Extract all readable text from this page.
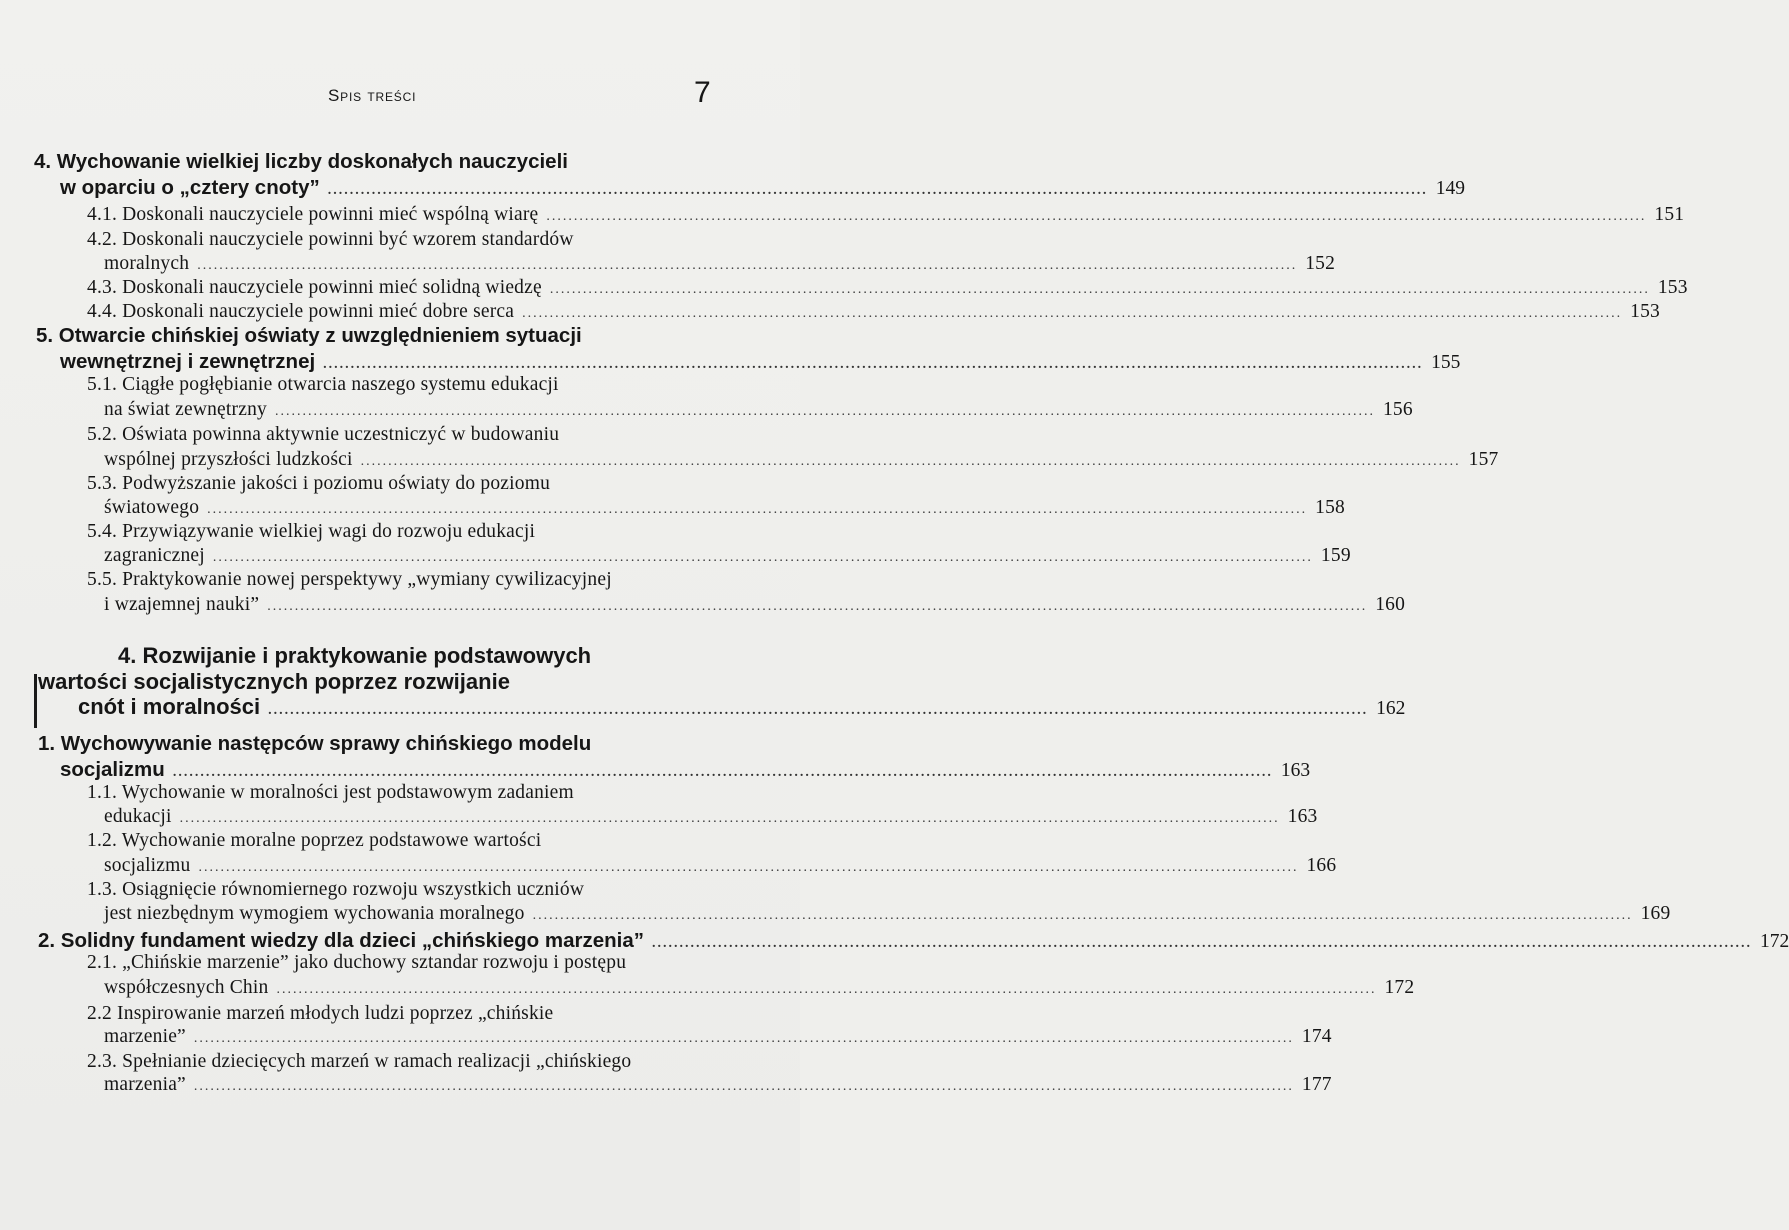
Spis treści	7
4. Wychowanie wielkiej liczby doskonałych nauczycieli
w oparciu o „cztery cnoty” ........................................................................................................................................................................................................ 149
4.1. Doskonali nauczyciele powinni mieć wspólną wiarę ........................................................................................................................................................................................................ 151
4.2. Doskonali nauczyciele powinni być wzorem standardów
moralnych ........................................................................................................................................................................................................ 152
4.3. Doskonali nauczyciele powinni mieć solidną wiedzę ........................................................................................................................................................................................................ 153
4.4. Doskonali nauczyciele powinni mieć dobre serca ........................................................................................................................................................................................................ 153
5. Otwarcie chińskiej oświaty z uwzględnieniem sytuacji
wewnętrznej i zewnętrznej ........................................................................................................................................................................................................ 155
5.1. Ciągłe pogłębianie otwarcia naszego systemu edukacji
na świat zewnętrzny ........................................................................................................................................................................................................ 156
5.2. Oświata powinna aktywnie uczestniczyć w budowaniu
wspólnej przyszłości ludzkości ........................................................................................................................................................................................................ 157
5.3. Podwyższanie jakości i poziomu oświaty do poziomu
światowego ........................................................................................................................................................................................................ 158
5.4. Przywiązywanie wielkiej wagi do rozwoju edukacji
zagranicznej ........................................................................................................................................................................................................ 159
5.5. Praktykowanie nowej perspektywy „wymiany cywilizacyjnej
i wzajemnej nauki” ........................................................................................................................................................................................................ 160
4. Rozwijanie i praktykowanie podstawowych
wartości socjalistycznych poprzez rozwijanie
cnót i moralności ........................................................................................................................................................................................................ 162
1. Wychowywanie następców sprawy chińskiego modelu
socjalizmu ........................................................................................................................................................................................................ 163
1.1. Wychowanie w moralności jest podstawowym zadaniem
edukacji ........................................................................................................................................................................................................ 163
1.2. Wychowanie moralne poprzez podstawowe wartości
socjalizmu ........................................................................................................................................................................................................ 166
1.3. Osiągnięcie równomiernego rozwoju wszystkich uczniów
jest niezbędnym wymogiem wychowania moralnego ........................................................................................................................................................................................................ 169
2. Solidny fundament wiedzy dla dzieci „chińskiego marzenia” ........................................................................................................................................................................................................ 172
2.1. „Chińskie marzenie” jako duchowy sztandar rozwoju i postępu
współczesnych Chin ........................................................................................................................................................................................................ 172
2.2 Inspirowanie marzeń młodych ludzi poprzez „chińskie
marzenie” ........................................................................................................................................................................................................ 174
2.3. Spełnianie dziecięcych marzeń w ramach realizacji „chińskiego
marzenia” ........................................................................................................................................................................................................ 177
